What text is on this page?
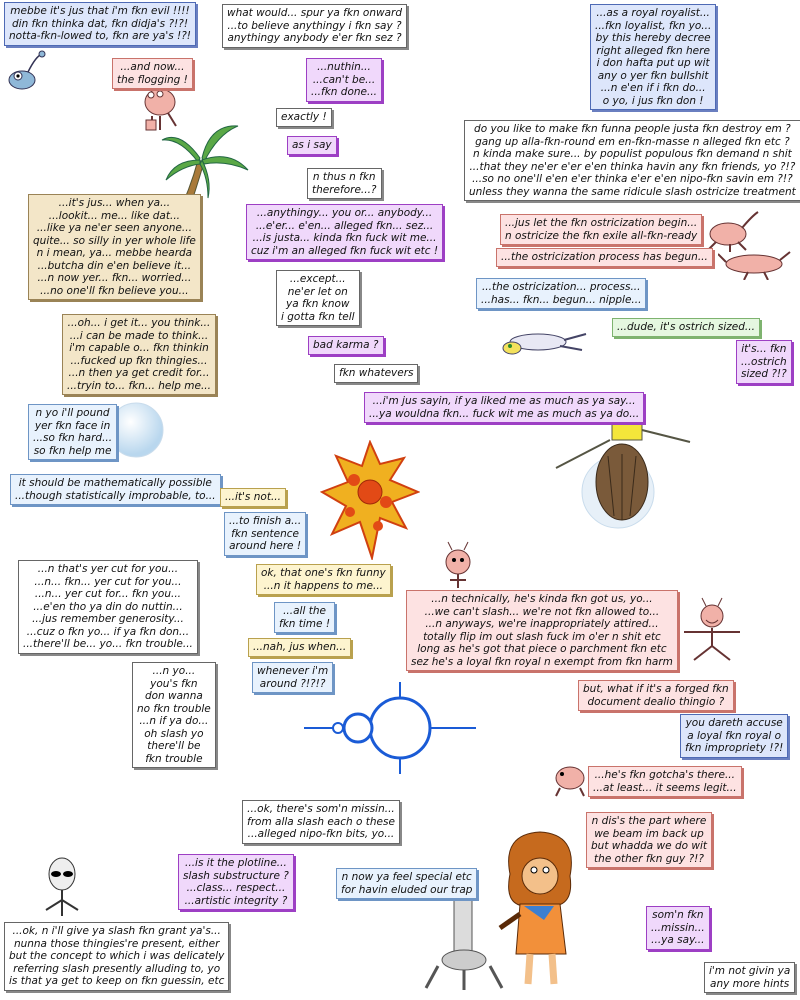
mebbe it's jus that i'm fkn evil !!!!
din fkn thinka dat, fkn didja's ?!?!
notta-fkn-lowed to, fkn are ya's !?!
what would... spur ya fkn onward
...to believe anythingy i fkn say ?
anythingy anybody e'er fkn sez ?
...as a royal royalist...
...fkn loyalist, fkn yo...
by this hereby decree
right alleged fkn here
i don hafta put up wit
any o yer fkn bullshit
...n e'en if i fkn do...
o yo, i jus fkn don !
...and now...
the flogging !
...nuthin...
...can't be...
...fkn done...
exactly !
as i say
do you like to make fkn funna people justa fkn destroy em ?
gang up alla-fkn-round em en-fkn-masse n alleged fkn etc ?
n kinda make sure... by populist populous fkn demand n shit
...that they ne'er e'er e'en thinka havin any fkn friends, yo ?!?
...so no one'll e'en e'er thinka e'er e'en nipo-fkn savin em ?!?
unless they wanna the same ridicule slash ostricize treatment
n thus n fkn
therefore...?
...it's jus... when ya...
...lookit... me... like dat...
...like ya ne'er seen anyone...
quite... so silly in yer whole life
n i mean, ya... mebbe hearda
...butcha din e'en believe it...
...n now yer... fkn... worried...
...no one'll fkn believe you...
...anythingy... you or... anybody...
...e'er... e'en... alleged fkn... sez...
...is justa... kinda fkn fuck wit me...
cuz i'm an alleged fkn fuck wit etc !
...jus let the fkn ostricization begin...
n ostricize the fkn exile all-fkn-ready
...the ostricization process has begun...
...except...
ne'er let on
ya fkn know
i gotta fkn tell
...the ostricization... process...
...has... fkn... begun... nipple...
...oh... i get it... you think...
...i can be made to think...
i'm capable o... fkn thinkin
...fucked up fkn thingies...
...n then ya get credit for...
...tryin to... fkn... help me...
...dude, it's ostrich sized...
bad karma ?	it's... fkn
...ostrich
sized ?!?
fkn whatevers
...i'm jus sayin, if ya liked me as much as ya say...
...ya wouldna fkn... fuck wit me as much as ya do...
n yo i'll pound
yer fkn face in
...so fkn hard...
so fkn help me
it should be mathematically possible
...though statistically improbable, to... ...it's not...
...to finish a...
fkn sentence
around here !
...n that's yer cut for you...
...n... fkn... yer cut for you...
...n... yer cut for... fkn you...
...e'en tho ya din do nuttin...
...jus remember generosity...
...cuz o fkn yo... if ya fkn don...
...there'll be... yo... fkn trouble...
ok, that one's fkn funny
...n it happens to me...
...n technically, he's kinda fkn got us, yo...
...we can't slash... we're not fkn allowed to...
...n anyways, we're inappropriately attired...
totally flip im out slash fuck im o'er n shit etc
long as he's got that piece o parchment fkn etc
sez he's a loyal fkn royal n exempt from fkn harm
...all the
fkn time !
...nah, jus when...
...n yo...
you's fkn
don wanna
no fkn trouble
...n if ya do...
oh slash yo
there'll be
fkn trouble
whenever i'm
around ?!?!?	but, what if it's a forged fkn
document dealio thingio ?
you dareth accuse
a loyal fkn royal o
fkn impropriety !?!
...he's fkn gotcha's there...
...at least... it seems legit...
...ok, there's som'n missin...
from alla slash each o these
...alleged nipo-fkn bits, yo...
n dis's the part where
we beam im back up
but whadda we do wit
the other fkn guy ?!?
...is it the plotline...
slash substructure ?
...class... respect...
...artistic integrity ?
n now ya feel special etc
for havin eluded our trap
som'n fkn
...missin...
...ya say...
...ok, n i'll give ya slash fkn grant ya's...
nunna those thingies're present, either
but the concept to which i was delicately
referring slash presently alluding to, yo
is that ya get to keep on fkn guessin, etc
i'm not givin ya
any more hints
